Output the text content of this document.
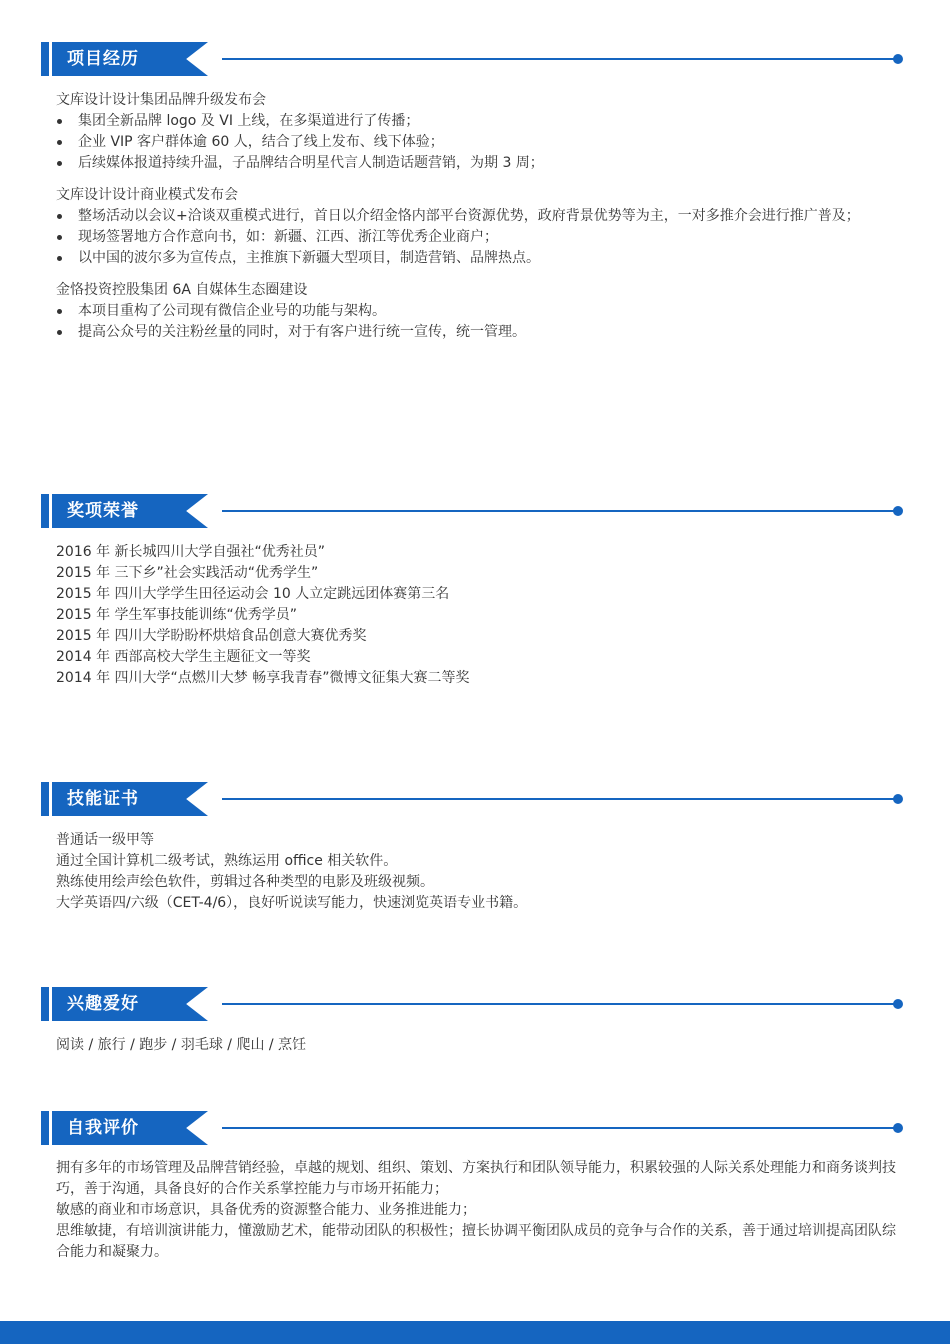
项目经历
文库设计设计集团品牌升级发布会
集团全新品牌 logo 及 VI 上线，在多渠道进行了传播；
企业 VIP 客户群体逾 60 人，结合了线上发布、线下体验；
后续媒体报道持续升温，子品牌结合明星代言人制造话题营销，为期 3 周；
文库设计设计商业模式发布会
整场活动以会议+洽谈双重模式进行，首日以介绍金恪内部平台资源优势，政府背景优势等为主，一对多推介会进行推广普及；
现场签署地方合作意向书，如：新疆、江西、浙江等优秀企业商户；
以中国的波尔多为宣传点，主推旗下新疆大型项目，制造营销、品牌热点。
金恪投资控股集团 6A 自媒体生态圈建设
本项目重构了公司现有微信企业号的功能与架构。
提高公众号的关注粉丝量的同时，对于有客户进行统一宣传，统一管理。
奖项荣誉
2016 年 新长城四川大学自强社“优秀社员”
2015 年 三下乡”社会实践活动“优秀学生”
2015 年 四川大学学生田径运动会 10 人立定跳远团体赛第三名
2015 年 学生军事技能训练“优秀学员”
2015 年 四川大学盼盼杯烘焙食品创意大赛优秀奖
2014 年 西部高校大学生主题征文一等奖
2014 年 四川大学“点燃川大梦 畅享我青春”微博文征集大赛二等奖
技能证书
普通话一级甲等
通过全国计算机二级考试，熟练运用 office 相关软件。
熟练使用绘声绘色软件，剪辑过各种类型的电影及班级视频。
大学英语四/六级（CET-4/6），良好听说读写能力，快速浏览英语专业书籍。
兴趣爱好
阅读 / 旅行 / 跑步 / 羽毛球 / 爬山 / 烹饪
自我评价
拥有多年的市场管理及品牌营销经验，卓越的规划、组织、策划、方案执行和团队领导能力，积累较强的人际关系处理能力和商务谈判技巧，善于沟通，具备良好的合作关系掌控能力与市场开拓能力；
敏感的商业和市场意识，具备优秀的资源整合能力、业务推进能力；
思维敏捷，有培训演讲能力，懂激励艺术，能带动团队的积极性；擅长协调平衡团队成员的竞争与合作的关系，善于通过培训提高团队综合能力和凝聚力。
